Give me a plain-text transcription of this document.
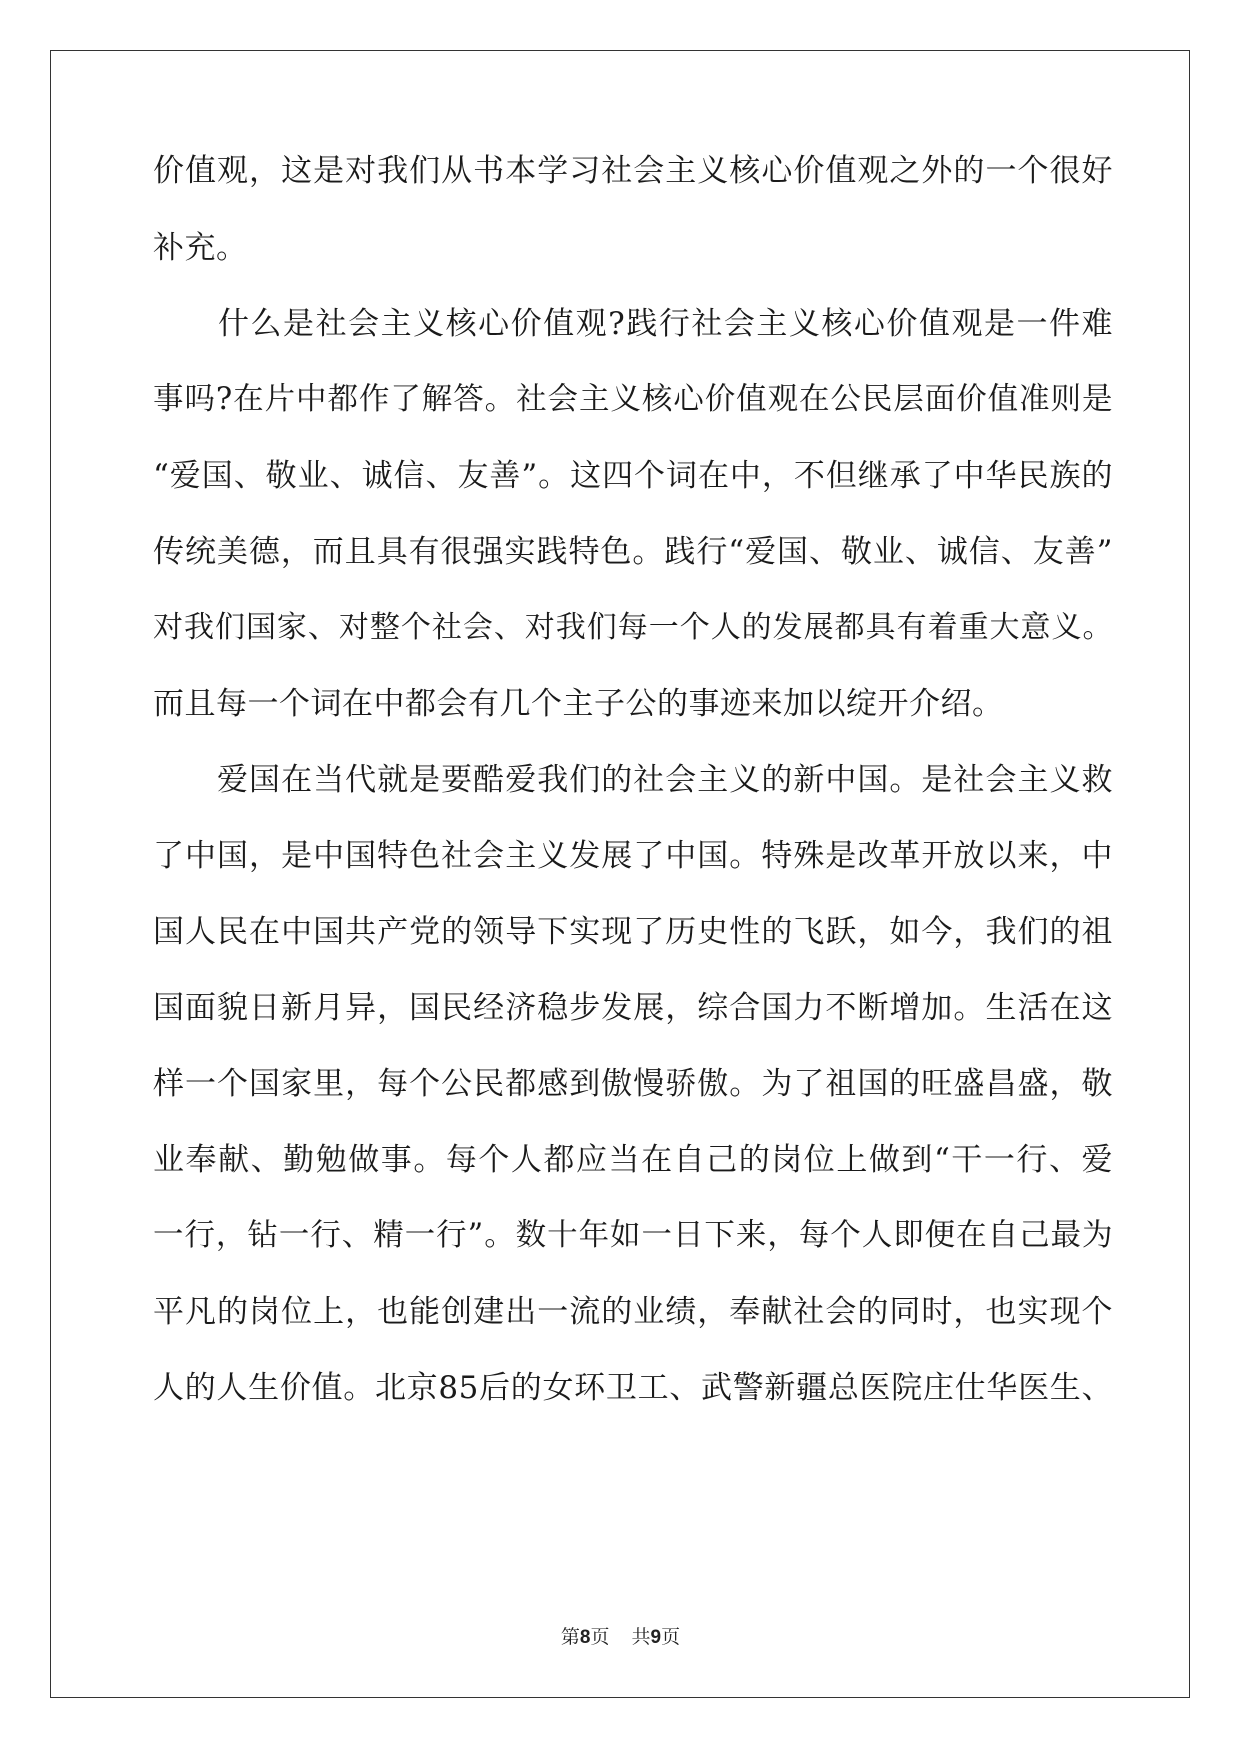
价值观，这是对我们从书本学习社会主义核心价值观之外的一个很好
补充。
　　什么是社会主义核心价值观?践行社会主义核心价值观是一件难
事吗?在片中都作了解答。社会主义核心价值观在公民层面价值准则是
“爱国、敬业、诚信、友善”。这四个词在中，不但继承了中华民族的
传统美德，而且具有很强实践特色。践行“爱国、敬业、诚信、友善”
对我们国家、对整个社会、对我们每一个人的发展都具有着重大意义。
而且每一个词在中都会有几个主子公的事迹来加以绽开介绍。
　　爱国在当代就是要酷爱我们的社会主义的新中国。是社会主义救
了中国，是中国特色社会主义发展了中国。特殊是改革开放以来，中
国人民在中国共产党的领导下实现了历史性的飞跃，如今，我们的祖
国面貌日新月异，国民经济稳步发展，综合国力不断增加。生活在这
样一个国家里，每个公民都感到傲慢骄傲。为了祖国的旺盛昌盛，敬
业奉献、勤勉做事。每个人都应当在自己的岗位上做到“干一行、爱
一行，钻一行、精一行”。数十年如一日下来，每个人即便在自己最为
平凡的岗位上，也能创建出一流的业绩，奉献社会的同时，也实现个
人的人生价值。北京85后的女环卫工、武警新疆总医院庄仕华医生、
第8页 共9页
